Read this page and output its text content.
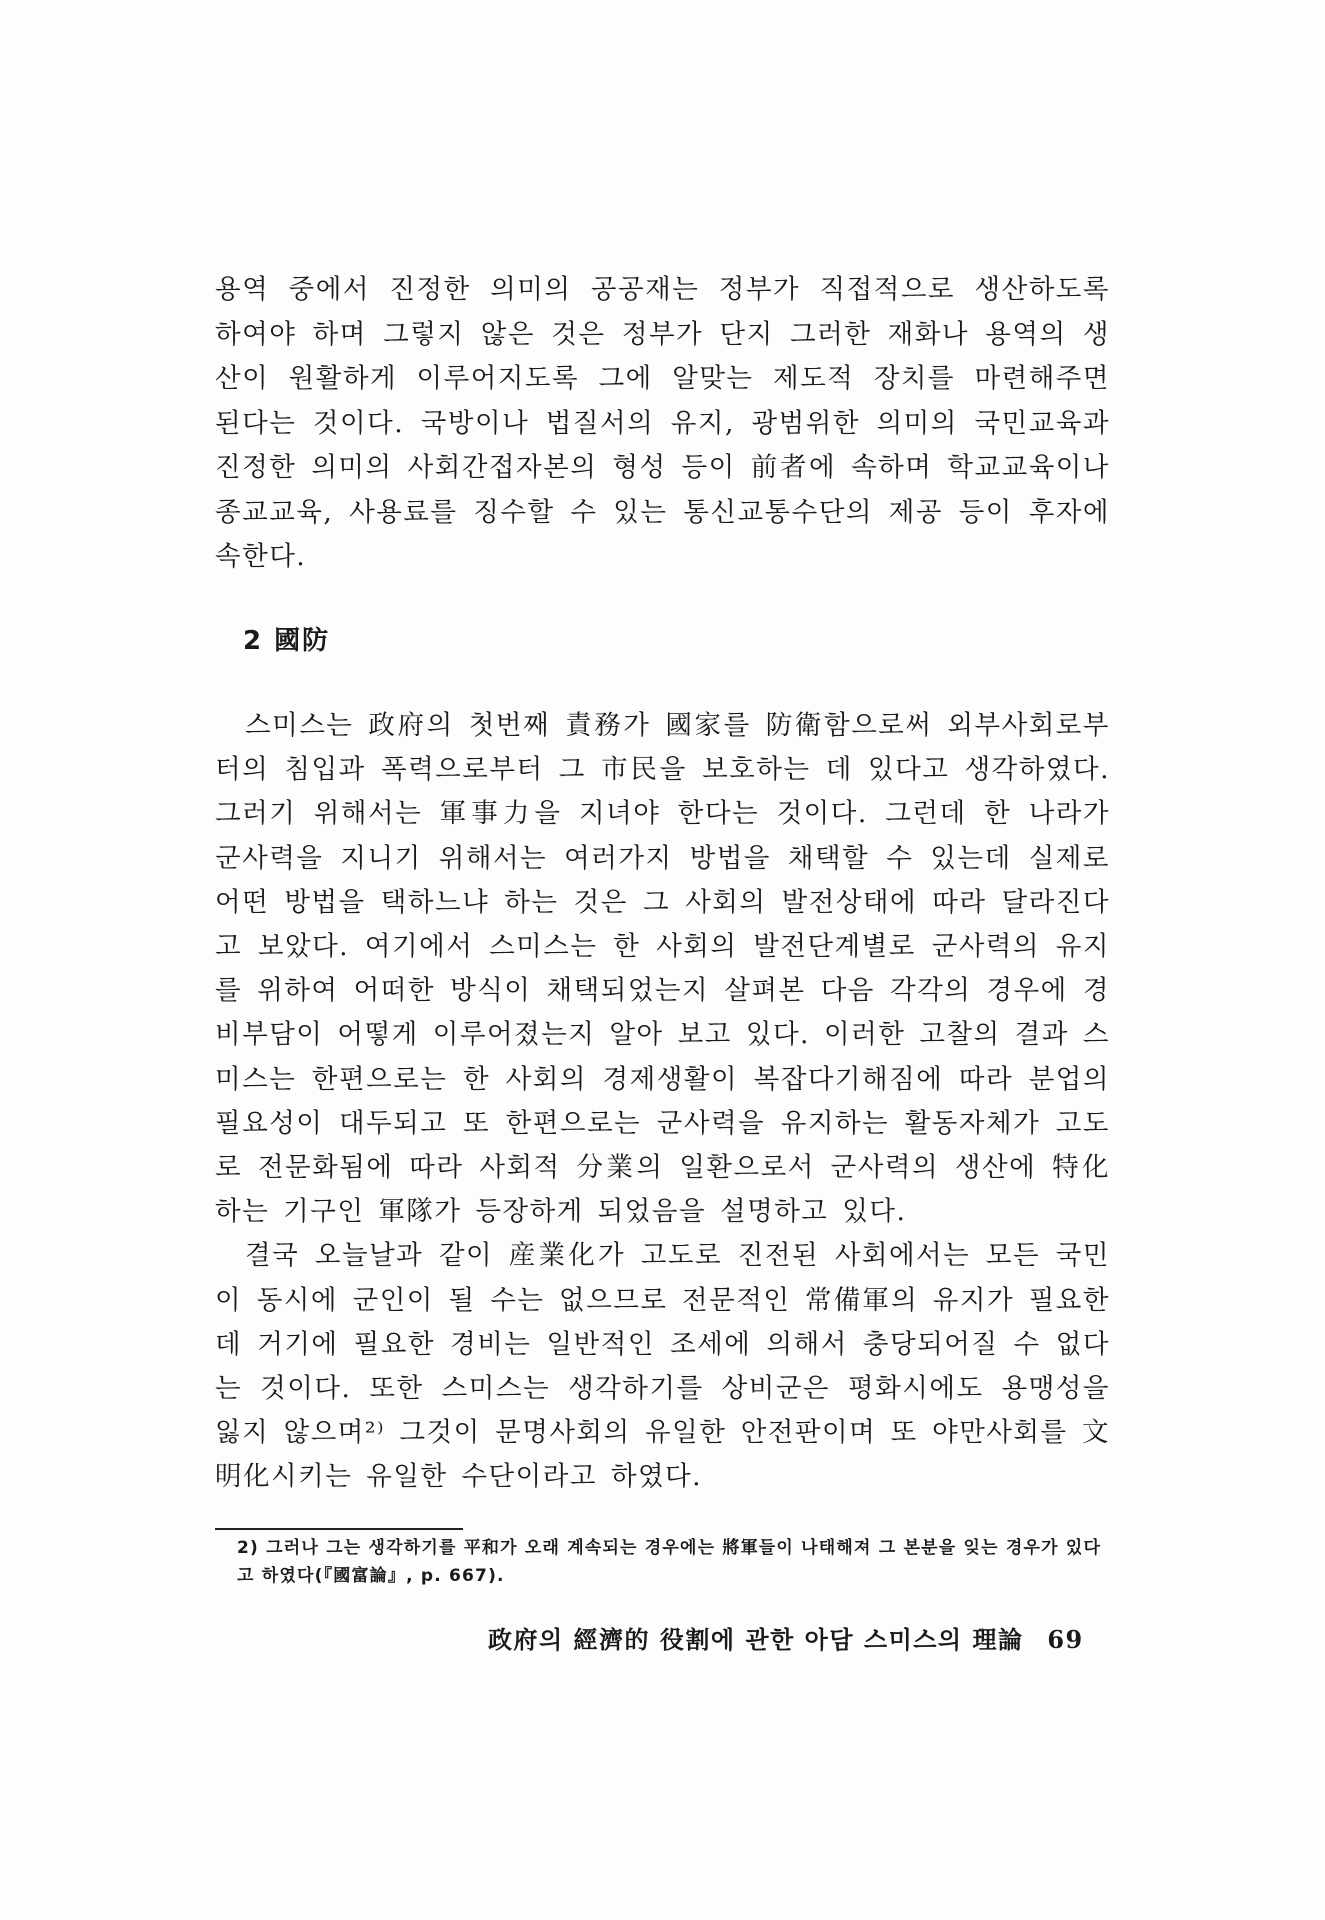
용역 중에서 진정한 의미의 공공재는 정부가 직접적으로 생산하도록 하여야 하며 그렇지 않은 것은 정부가 단지 그러한 재화나 용역의 생산이 원활하게 이루어지도록 그에 알맞는 제도적 장치를 마련해주면 된다는 것이다. 국방이나 법질서의 유지, 광범위한 의미의 국민교육과 진정한 의미의 사회간접자본의 형성 등이 前者에 속하며 학교교육이나 종교교육, 사용료를 징수할 수 있는 통신교통수단의 제공 등이 후자에 속한다.

2 國防

스미스는 政府의 첫번째 責務가 國家를 防衛함으로써 외부사회로부터의 침입과 폭력으로부터 그 市民을 보호하는 데 있다고 생각하였다. 그러기 위해서는 軍事力을 지녀야 한다는 것이다. 그런데 한 나라가 군사력을 지니기 위해서는 여러가지 방법을 채택할 수 있는데 실제로 어떤 방법을 택하느냐 하는 것은 그 사회의 발전상태에 따라 달라진다고 보았다. 여기에서 스미스는 한 사회의 발전단계별로 군사력의 유지를 위하여 어떠한 방식이 채택되었는지 살펴본 다음 각각의 경우에 경비부담이 어떻게 이루어졌는지 알아 보고 있다. 이러한 고찰의 결과 스미스는 한편으로는 한 사회의 경제생활이 복잡다기해짐에 따라 분업의 필요성이 대두되고 또 한편으로는 군사력을 유지하는 활동자체가 고도로 전문화됨에 따라 사회적 分業의 일환으로서 군사력의 생산에 特化하는 기구인 軍隊가 등장하게 되었음을 설명하고 있다.

결국 오늘날과 같이 産業化가 고도로 진전된 사회에서는 모든 국민이 동시에 군인이 될 수는 없으므로 전문적인 常備軍의 유지가 필요한 데 거기에 필요한 경비는 일반적인 조세에 의해서 충당되어질 수 없다는 것이다. 또한 스미스는 생각하기를 상비군은 평화시에도 용맹성을 잃지 않으며²⁾ 그것이 문명사회의 유일한 안전판이며 또 야만사회를 文明化시키는 유일한 수단이라고 하였다.

2) 그러나 그는 생각하기를 平和가 오래 계속되는 경우에는 將軍들이 나태해져 그 본분을 잊는 경우가 있다고 하였다(『國富論』, p. 667).

政府의 經濟的 役割에 관한 아담 스미스의 理論 69
